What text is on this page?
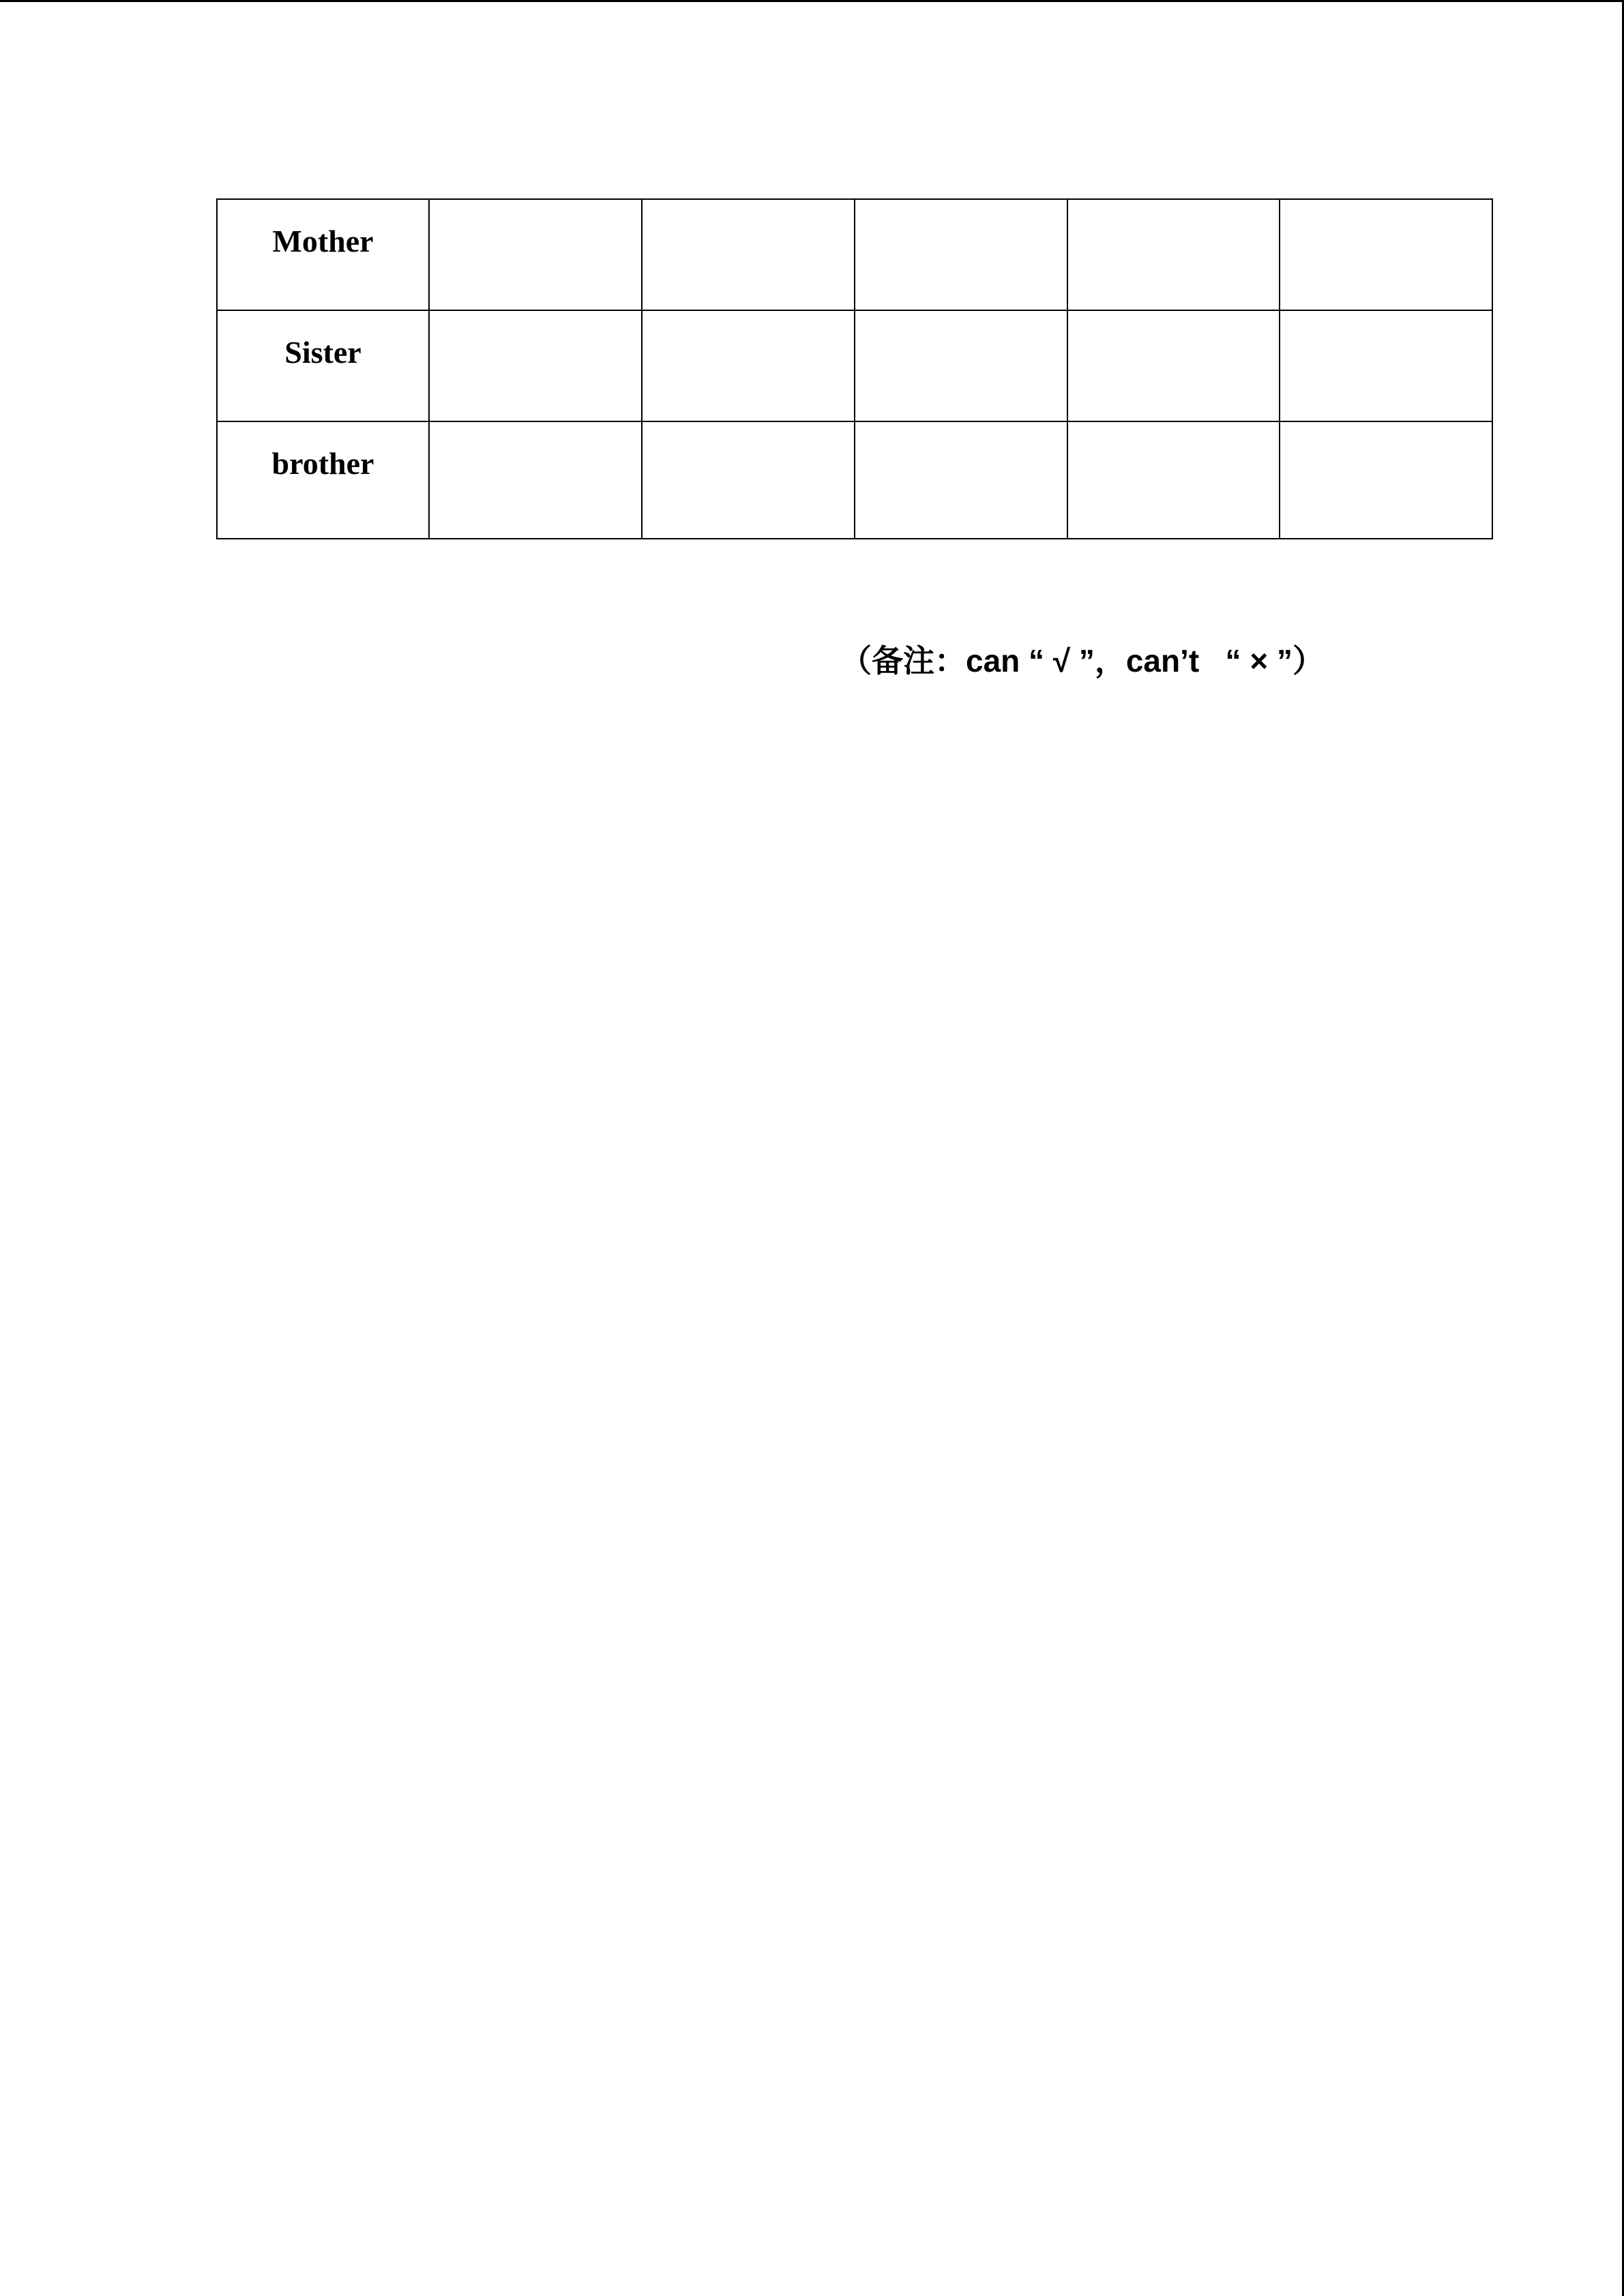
Mother					
Sister					
brother					
（备注：can “ √ ”，can’t   “ × ”）
